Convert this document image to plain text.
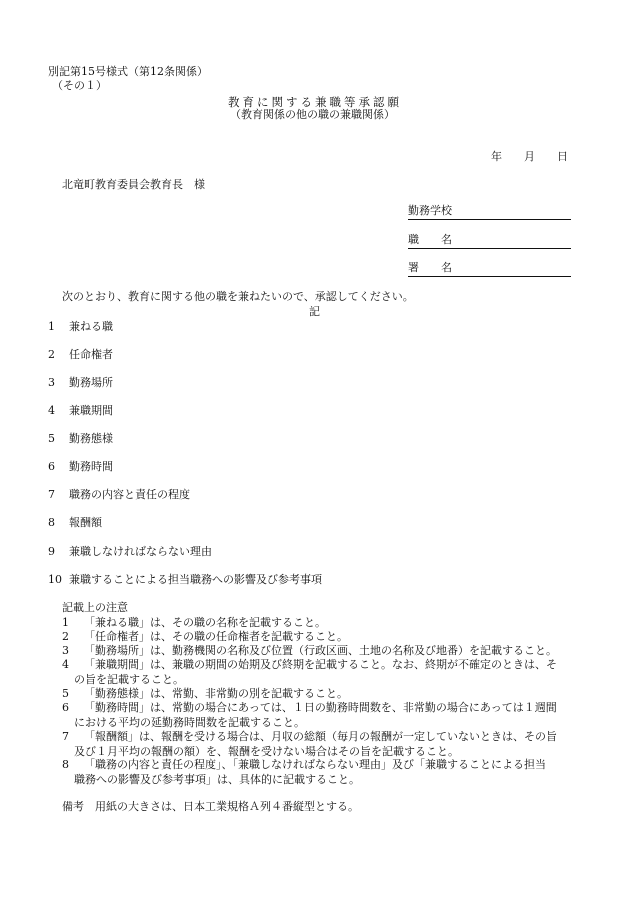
別記第15号様式（第12条関係）
（その１）
教育に関する兼職等承認願
（教育関係の他の職の兼職関係）
年　　月　　日
北竜町教育委員会教育長　様
勤務学校
職　　名
署　　名
次のとおり、教育に関する他の職を兼ねたいので、承認してください。
記
1 兼ねる職
2 任命権者
3 勤務場所
4 兼職期間
5 勤務態様
6 勤務時間
7 職務の内容と責任の程度
8 報酬額
9 兼職しなければならない理由
10 兼職することによる担当職務への影響及び参考事項
記載上の注意
1 「兼ねる職」は、その職の名称を記載すること。
2 「任命権者」は、その職の任命権者を記載すること。
3 「勤務場所」は、勤務機関の名称及び位置（行政区画、土地の名称及び地番）を記載すること。
4 「兼職期間」は、兼職の期間の始期及び終期を記載すること。なお、終期が不確定のときは、そ
の旨を記載すること。
5 「勤務態様」は、常勤、非常勤の別を記載すること。
6 「勤務時間」は、常勤の場合にあっては、１日の勤務時間数を、非常勤の場合にあっては１週間
における平均の延勤務時間数を記載すること。
7 「報酬額」は、報酬を受ける場合は、月収の総額（毎月の報酬が一定していないときは、その旨
及び１月平均の報酬の額）を、報酬を受けない場合はその旨を記載すること。
8 「職務の内容と責任の程度」、「兼職しなければならない理由」及び「兼職することによる担当
職務への影響及び参考事項」は、具体的に記載すること。
備考　用紙の大きさは、日本工業規格Ａ列４番縦型とする。
